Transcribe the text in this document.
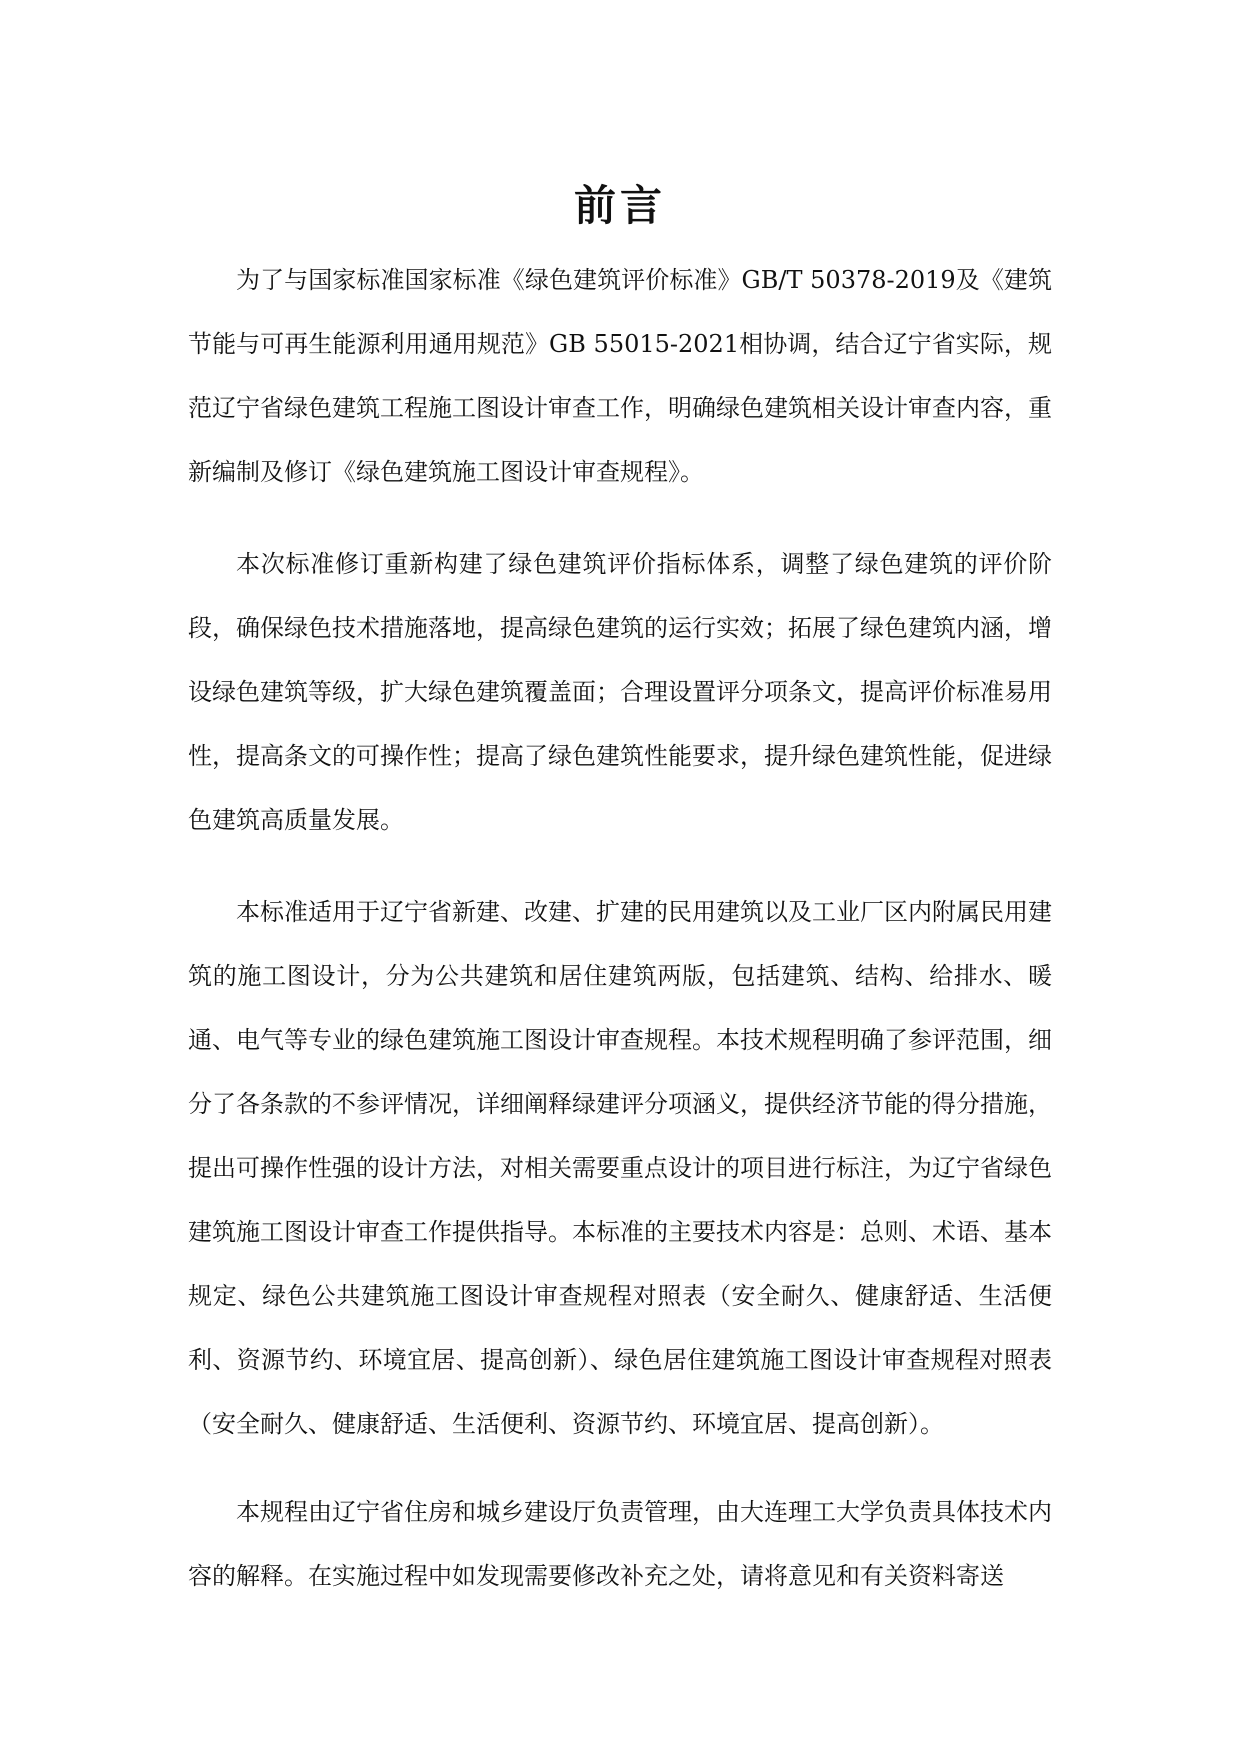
前言

为了与国家标准国家标准《绿色建筑评价标准》GB/T 50378-2019及《建筑节能与可再生能源利用通用规范》GB 55015-2021相协调，结合辽宁省实际，规范辽宁省绿色建筑工程施工图设计审查工作，明确绿色建筑相关设计审查内容，重新编制及修订《绿色建筑施工图设计审查规程》。

本次标准修订重新构建了绿色建筑评价指标体系，调整了绿色建筑的评价阶段，确保绿色技术措施落地，提高绿色建筑的运行实效；拓展了绿色建筑内涵，增设绿色建筑等级，扩大绿色建筑覆盖面；合理设置评分项条文，提高评价标准易用性，提高条文的可操作性；提高了绿色建筑性能要求，提升绿色建筑性能，促进绿色建筑高质量发展。

本标准适用于辽宁省新建、改建、扩建的民用建筑以及工业厂区内附属民用建筑的施工图设计，分为公共建筑和居住建筑两版，包括建筑、结构、给排水、暖通、电气等专业的绿色建筑施工图设计审查规程。本技术规程明确了参评范围，细分了各条款的不参评情况，详细阐释绿建评分项涵义，提供经济节能的得分措施，提出可操作性强的设计方法，对相关需要重点设计的项目进行标注，为辽宁省绿色建筑施工图设计审查工作提供指导。本标准的主要技术内容是：总则、术语、基本规定、绿色公共建筑施工图设计审查规程对照表（安全耐久、健康舒适、生活便利、资源节约、环境宜居、提高创新）、绿色居住建筑施工图设计审查规程对照表（安全耐久、健康舒适、生活便利、资源节约、环境宜居、提高创新）。

本规程由辽宁省住房和城乡建设厅负责管理，由大连理工大学负责具体技术内容的解释。在实施过程中如发现需要修改补充之处，请将意见和有关资料寄送
